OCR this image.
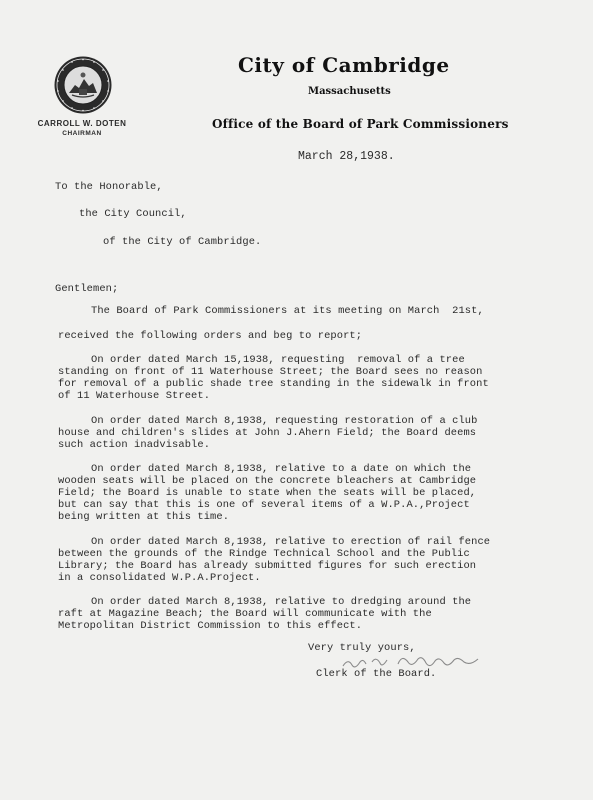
CARROLL W. DOTEN
CHAIRMAN
City of Cambridge
Massachusetts
Office of the Board of Park Commissioners
March 28,1938.
To the Honorable,
the City Council,
of the City of Cambridge.
Gentlemen;
The Board of Park Commissioners at its meeting on March  21st,
received the following orders and beg to report;
On order dated March 15,1938, requesting  removal of a tree
standing on front of 11 Waterhouse Street; the Board sees no reason
for removal of a public shade tree standing in the sidewalk in front
of 11 Waterhouse Street.
On order dated March 8,1938, requesting restoration of a club
house and children's slides at John J.Ahern Field; the Board deems
such action inadvisable.
On order dated March 8,1938, relative to a date on which the
wooden seats will be placed on the concrete bleachers at Cambridge
Field; the Board is unable to state when the seats will be placed,
but can say that this is one of several items of a W.P.A.,Project
being written at this time.
On order dated March 8,1938, relative to erection of rail fence
between the grounds of the Rindge Technical School and the Public
Library; the Board has already submitted figures for such erection
in a consolidated W.P.A.Project.
On order dated March 8,1938, relative to dredging around the
raft at Magazine Beach; the Board will communicate with the
Metropolitan District Commission to this effect.
Very truly yours,
Clerk of the Board.
